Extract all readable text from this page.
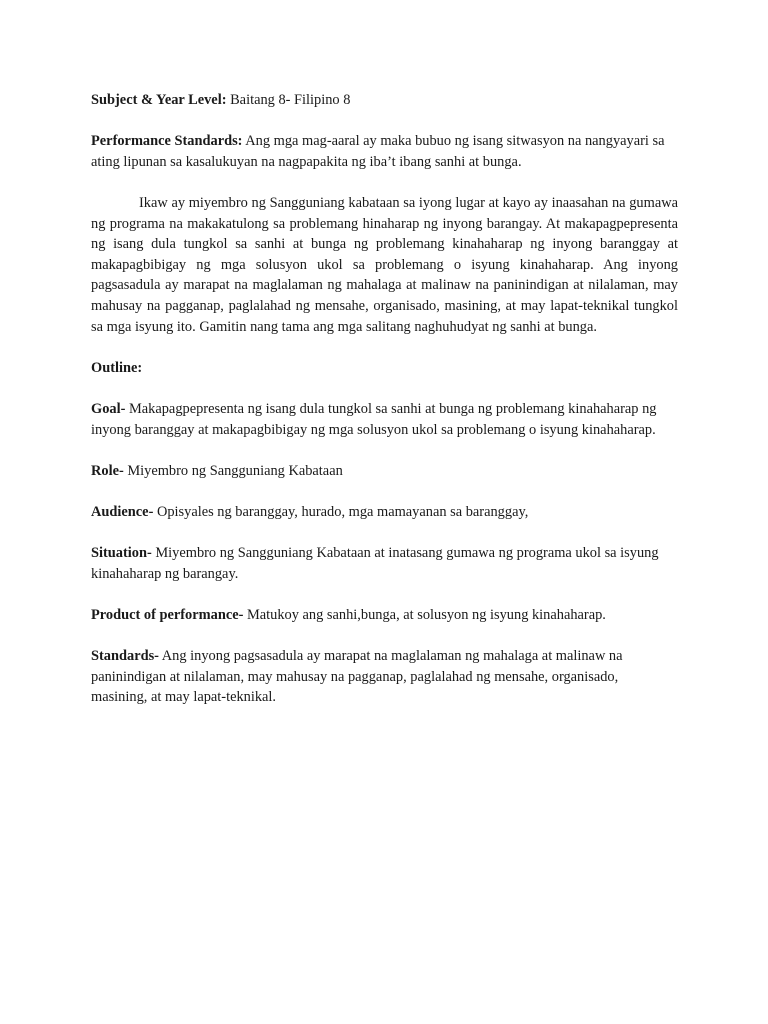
Subject & Year Level: Baitang 8- Filipino 8

Performance Standards: Ang mga mag-aaral ay maka bubuo ng isang sitwasyon na nangyayari sa ating lipunan sa kasalukuyan na nagpapakita ng iba’t ibang sanhi at bunga.

Ikaw ay miyembro ng Sangguniang kabataan sa iyong lugar at kayo ay inaasahan na gumawa ng programa na makakatulong sa problemang hinaharap ng inyong barangay. At makapagpepresenta ng isang dula tungkol sa sanhi at bunga ng problemang kinahaharap ng inyong baranggay at makapagbibigay ng mga solusyon ukol sa problemang o isyung kinahaharap. Ang inyong pagsasadula ay marapat na maglalaman ng mahalaga at malinaw na paninindigan at nilalaman, may mahusay na pagganap, paglalahad ng mensahe, organisado, masining, at may lapat-teknikal tungkol sa mga isyung ito. Gamitin nang tama ang mga salitang naghuhudyat ng sanhi at bunga.

Outline:

Goal- Makapagpepresenta ng isang dula tungkol sa sanhi at bunga ng problemang kinahaharap ng inyong baranggay at makapagbibigay ng mga solusyon ukol sa problemang o isyung kinahaharap.

Role- Miyembro ng Sangguniang Kabataan

Audience- Opisyales ng baranggay, hurado, mga mamayanan sa baranggay,

Situation- Miyembro ng Sangguniang Kabataan at inatasang gumawa ng programa ukol sa isyung kinahaharap ng barangay.

Product of performance- Matukoy ang sanhi,bunga, at solusyon ng isyung kinahaharap.

Standards- Ang inyong pagsasadula ay marapat na maglalaman ng mahalaga at malinaw na paninindigan at nilalaman, may mahusay na pagganap, paglalahad ng mensahe, organisado, masining, at may lapat-teknikal.
